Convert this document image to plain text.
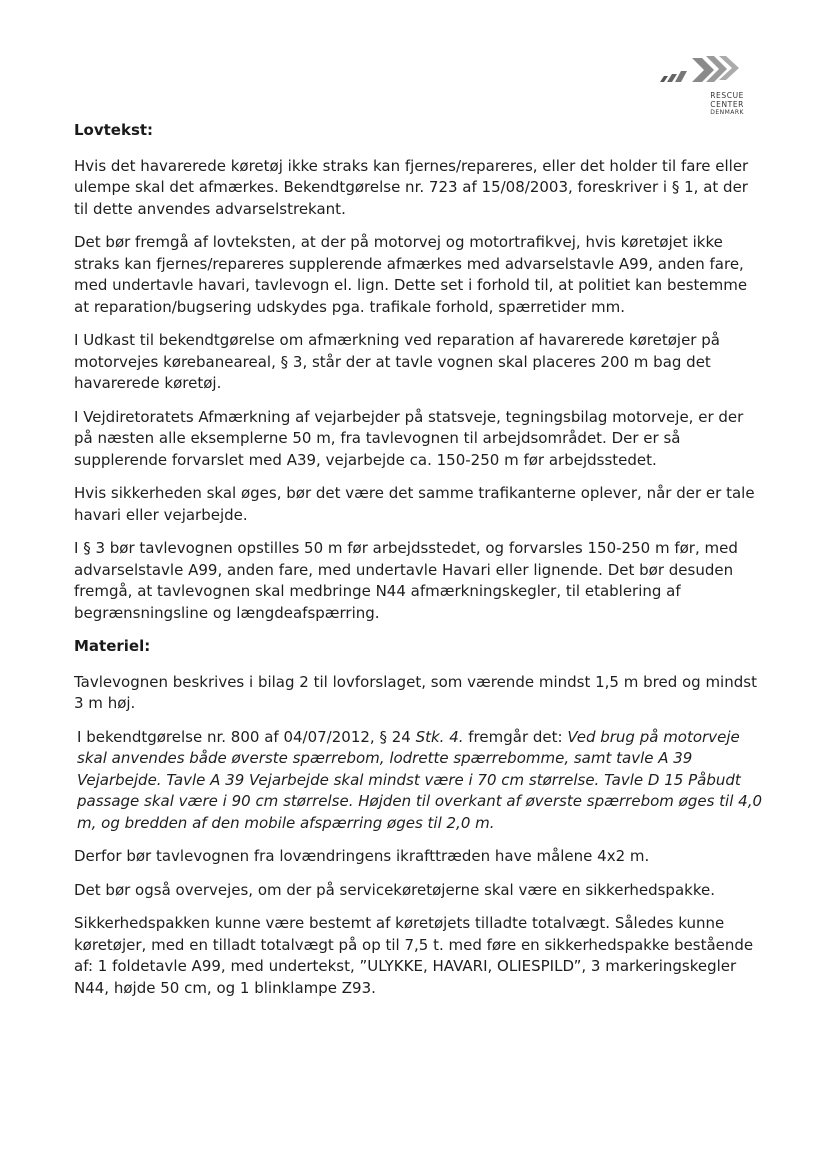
RESCUE
CENTER
DENMARK
Lovtekst:

Hvis det havarerede køretøj ikke straks kan fjernes/repareres, eller det holder til fare eller ulempe skal det afmærkes. Bekendtgørelse nr. 723 af 15/08/2003, foreskriver i § 1, at der til dette anvendes advarselstrekant.

Det bør fremgå af lovteksten, at der på motorvej og motortrafikvej, hvis køretøjet ikke straks kan fjernes/repareres supplerende afmærkes med advarselstavle A99, anden fare, med undertavle havari, tavlevogn el. lign. Dette set i forhold til, at politiet kan bestemme at reparation/bugsering udskydes pga. trafikale forhold, spærretider mm.

I Udkast til bekendtgørelse om afmærkning ved reparation af havarerede køretøjer på motorvejes kørebaneareal, § 3, står der at tavle vognen skal placeres 200 m bag det havarerede køretøj.

I Vejdiretoratets Afmærkning af vejarbejder på statsveje, tegningsbilag motorveje, er der på næsten alle eksemplerne 50 m, fra tavlevognen til arbejdsområdet. Der er så supplerende forvarslet med A39, vejarbejde ca. 150-250 m før arbejdsstedet.

Hvis sikkerheden skal øges, bør det være det samme trafikanterne oplever, når der er tale havari eller vejarbejde.

I § 3 bør tavlevognen opstilles 50 m før arbejdsstedet, og forvarsles 150-250 m før, med advarselstavle A99, anden fare, med undertavle Havari eller lignende. Det bør desuden fremgå, at tavlevognen skal medbringe N44 afmærkningskegler, til etablering af begrænsningsline og længdeafspærring.

Materiel:

Tavlevognen beskrives i bilag 2 til lovforslaget, som værende mindst 1,5 m bred og mindst 3 m høj.

I bekendtgørelse nr. 800 af 04/07/2012, § 24 Stk. 4. fremgår det: Ved brug på motorveje skal anvendes både øverste spærrebom, lodrette spærrebomme, samt tavle A 39 Vejarbejde. Tavle A 39 Vejarbejde skal mindst være i 70 cm størrelse. Tavle D 15 Påbudt passage skal være i 90 cm størrelse. Højden til overkant af øverste spærrebom øges til 4,0 m, og bredden af den mobile afspærring øges til 2,0 m.

Derfor bør tavlevognen fra lovændringens ikrafttræden have målene 4x2 m.

Det bør også overvejes, om der på servicekøretøjerne skal være en sikkerhedspakke.

Sikkerhedspakken kunne være bestemt af køretøjets tilladte totalvægt. Således kunne køretøjer, med en tilladt totalvægt på op til 7,5 t. med føre en sikkerhedspakke bestående af: 1 foldetavle A99, med undertekst, ”ULYKKE, HAVARI, OLIESPILD”, 3 markeringskegler N44, højde 50 cm, og 1 blinklampe Z93.
